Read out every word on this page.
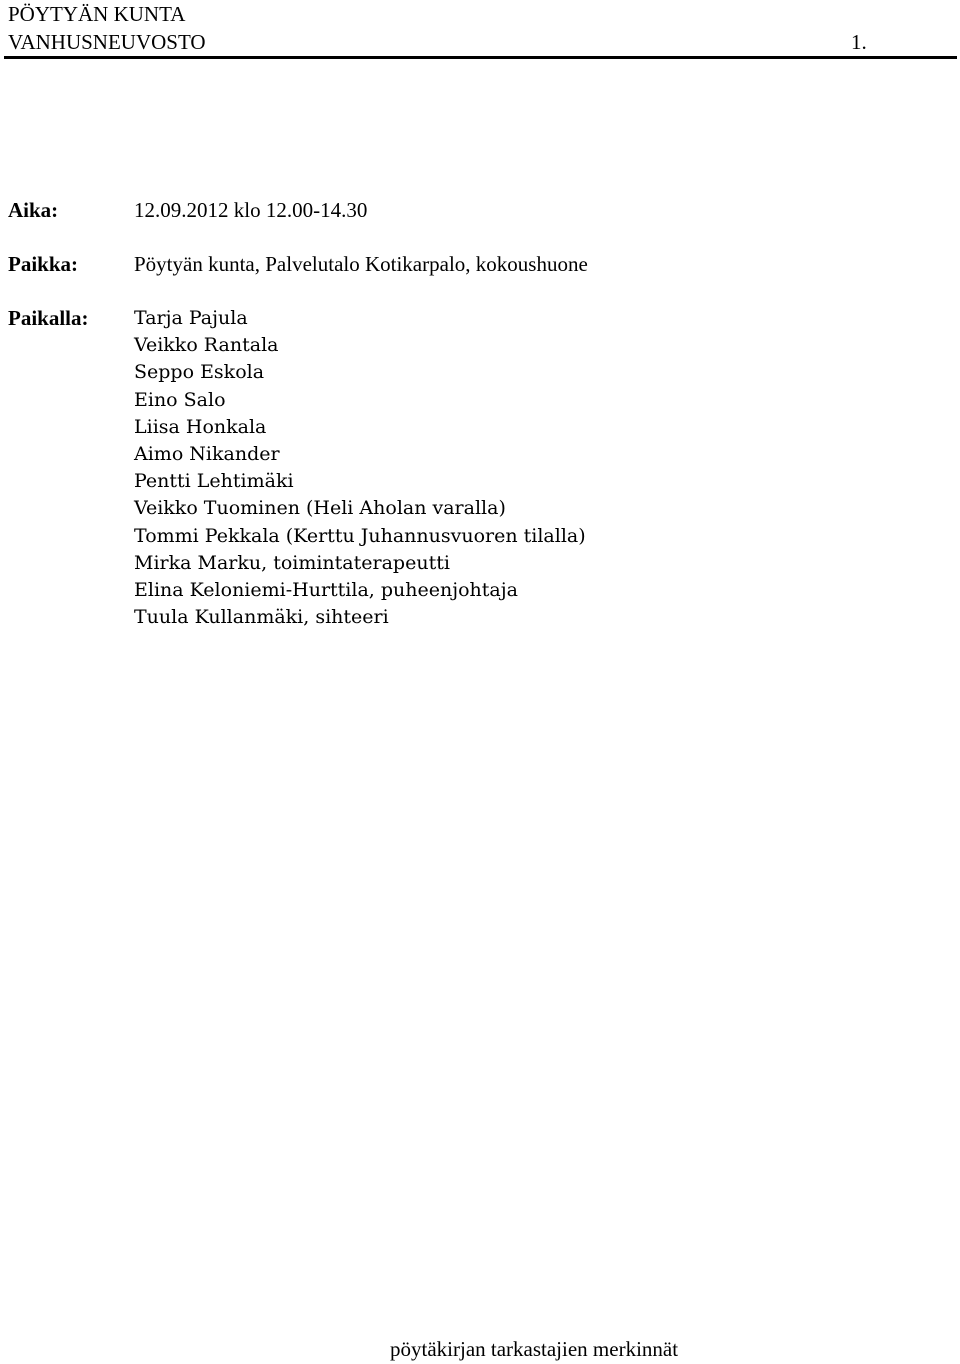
PÖYTYÄN KUNTA
VANHUSNEUVOSTO	1.
Aika:	12.09.2012 klo 12.00-14.30
Paikka:	Pöytyän kunta, Palvelutalo Kotikarpalo, kokoushuone
Paikalla: Tarja Pajula
Veikko Rantala
Seppo Eskola
Eino Salo
Liisa Honkala
Aimo Nikander
Pentti Lehtimäki
Veikko Tuominen (Heli Aholan varalla)
Tommi Pekkala (Kerttu Juhannusvuoren tilalla)
Mirka Marku, toimintaterapeutti
Elina Keloniemi-Hurttila, puheenjohtaja
Tuula Kullanmäki, sihteeri
pöytäkirjan tarkastajien merkinnät
